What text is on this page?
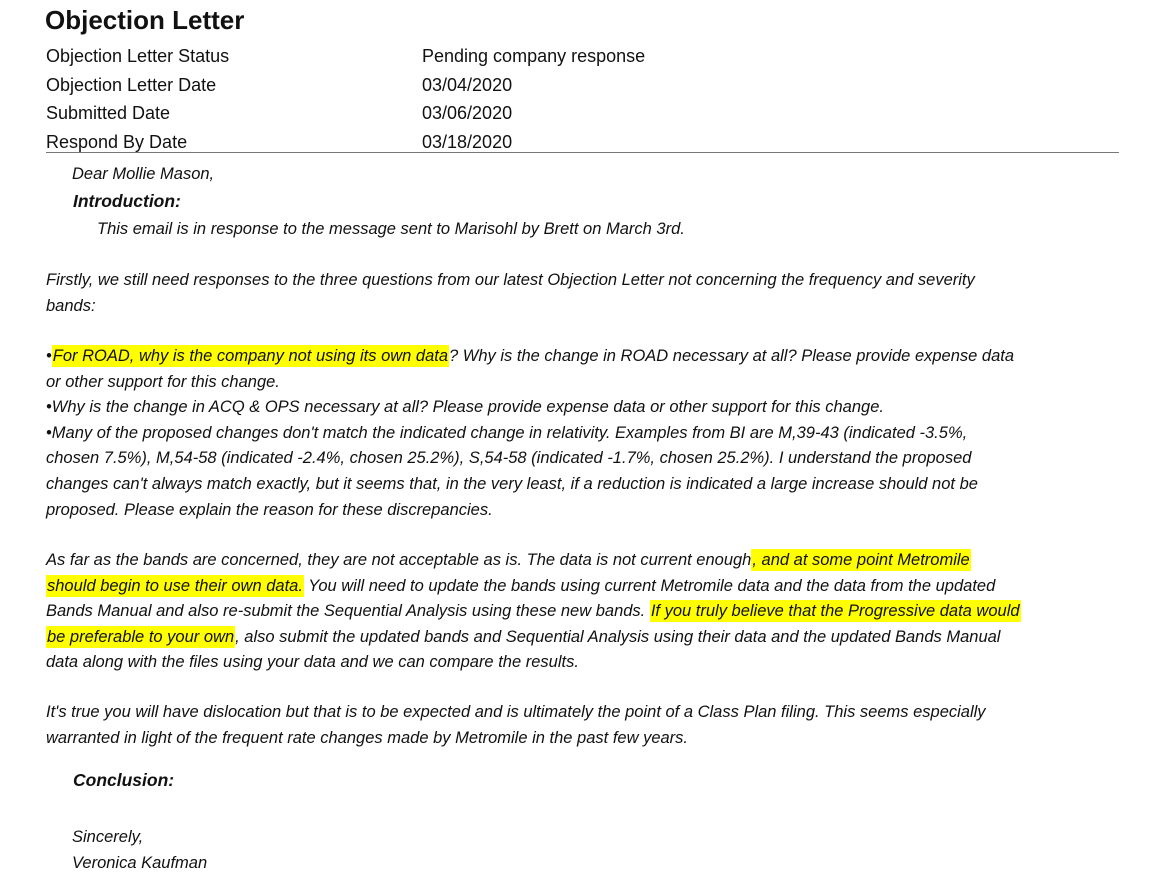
Objection Letter
Objection Letter Status	Pending company response
Objection Letter Date	03/04/2020
Submitted Date	03/06/2020
Respond By Date	03/18/2020
Dear Mollie Mason,
Introduction:
This email is in response to the message sent to Marisohl by Brett on March 3rd.
Firstly, we still need responses to the three questions from our latest Objection Letter not concerning the frequency and severity
bands:
•For ROAD, why is the company not using its own data? Why is the change in ROAD necessary at all? Please provide expense data
or other support for this change.
•Why is the change in ACQ & OPS necessary at all? Please provide expense data or other support for this change.
•Many of the proposed changes don't match the indicated change in relativity. Examples from BI are M,39-43 (indicated -3.5%,
chosen 7.5%), M,54-58 (indicated -2.4%, chosen 25.2%), S,54-58 (indicated -1.7%, chosen 25.2%). I understand the proposed
changes can't always match exactly, but it seems that, in the very least, if a reduction is indicated a large increase should not be
proposed. Please explain the reason for these discrepancies.
As far as the bands are concerned, they are not acceptable as is. The data is not current enough, and at some point Metromile
should begin to use their own data. You will need to update the bands using current Metromile data and the data from the updated
Bands Manual and also re-submit the Sequential Analysis using these new bands. If you truly believe that the Progressive data would
be preferable to your own, also submit the updated bands and Sequential Analysis using their data and the updated Bands Manual
data along with the files using your data and we can compare the results.
It's true you will have dislocation but that is to be expected and is ultimately the point of a Class Plan filing. This seems especially
warranted in light of the frequent rate changes made by Metromile in the past few years.
Conclusion:
Sincerely,
Veronica Kaufman
